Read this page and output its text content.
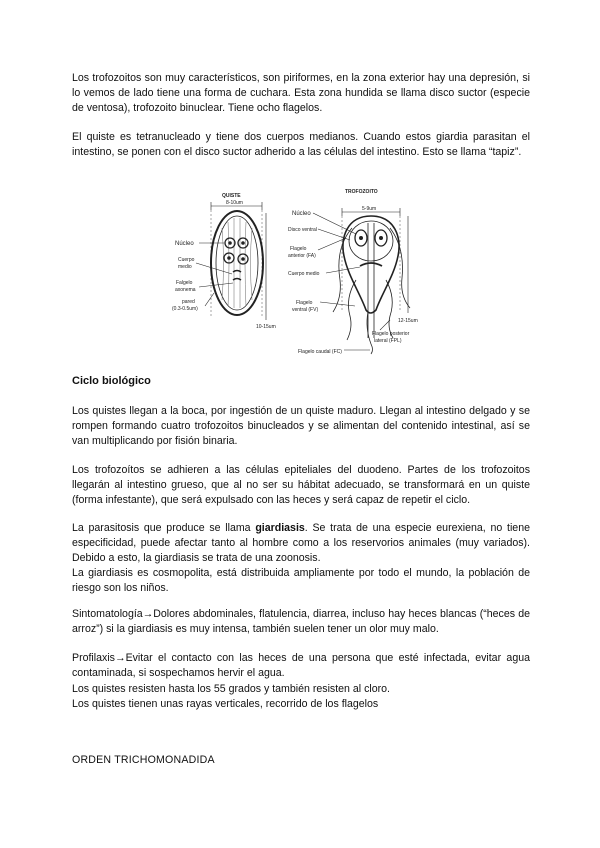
Los trofozoitos son muy característicos, son piriformes, en la zona exterior hay una depresión, si lo vemos de lado tiene una forma de cuchara. Esta zona hundida se llama disco suctor (especie de ventosa), trofozoito binuclear. Tiene ocho flagelos.

El quiste es tetranucleado y tiene dos cuerpos medianos. Cuando estos giardia parasitan el intestino, se ponen con el disco suctor adherido a las células del intestino. Esto se llama “tapiz”.

QUISTE
8-10um
10-15um
Núcleo
Cuerpo
medio
Falgelo
axonema
pared
(0.3-0.5um)
TROFOZOITO
5-9um
12-15um
Núcleo
Disco ventral
Flagelo
anterior (FA)
Cuerpo medio
Flagelo
ventral (FV)
Flagelo posterior
lateral (FPL)
Flagelo caudal (FC)
Ciclo biológico

Los quistes llegan a la boca, por ingestión de un quiste maduro. Llegan al intestino delgado y se rompen formando cuatro trofozoitos binucleados y se alimentan del contenido intestinal, así se van multiplicando por fisión binaria.

Los trofozoítos se adhieren a las células epiteliales del duodeno. Partes de los trofozoitos llegarán al intestino grueso, que al no ser su hábitat adecuado, se transformará en un quiste (forma infestante), que será expulsado con las heces y será capaz de repetir el ciclo.

La parasitosis que produce se llama giardiasis. Se trata de una especie eurexiena, no tiene especificidad, puede afectar tanto al hombre como a los reservorios animales (muy variados). Debido a esto, la giardiasis se trata de una zoonosis.

La giardiasis es cosmopolita, está distribuida ampliamente por todo el mundo, la población de riesgo son los niños.

Sintomatología→Dolores abdominales, flatulencia, diarrea, incluso hay heces blancas (“heces de arroz”) si la giardiasis es muy intensa, también suelen tener un olor muy malo.

Profilaxis→Evitar el contacto con las heces de una persona que esté infectada, evitar agua contaminada, si sospechamos hervir el agua.

Los quistes resisten hasta los 55 grados y también resisten al cloro.

Los quistes tienen unas rayas verticales, recorrido de los flagelos

ORDEN TRICHOMONADIDA
